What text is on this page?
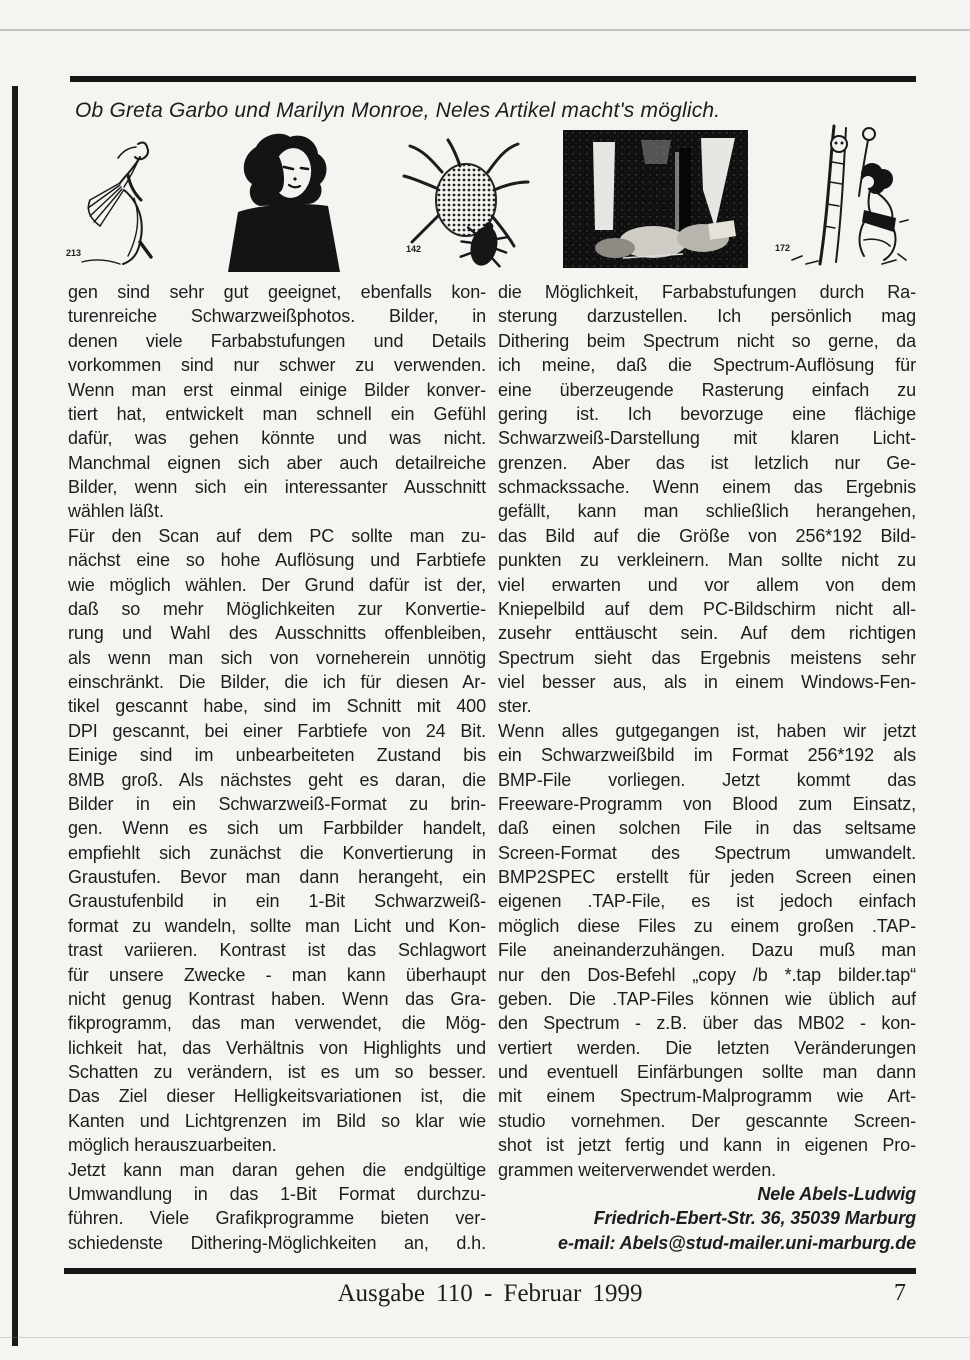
Ob Greta Garbo und Marilyn Monroe, Neles Artikel macht's möglich.
213	142	172
gen sind sehr gut geeignet, ebenfalls kon-
turenreiche Schwarzweißphotos. Bilder, in
denen viele Farbabstufungen und Details
vorkommen sind nur schwer zu verwenden.
Wenn man erst einmal einige Bilder konver-
tiert hat, entwickelt man schnell ein Gefühl
dafür, was gehen könnte und was nicht.
Manchmal eignen sich aber auch detailreiche
Bilder, wenn sich ein interessanter Ausschnitt
wählen läßt.
Für den Scan auf dem PC sollte man zu-
nächst eine so hohe Auflösung und Farbtiefe
wie möglich wählen. Der Grund dafür ist der,
daß so mehr Möglichkeiten zur Konvertie-
rung und Wahl des Ausschnitts offenbleiben,
als wenn man sich von vorneherein unnötig
einschränkt. Die Bilder, die ich für diesen Ar-
tikel gescannt habe, sind im Schnitt mit 400
DPI gescannt, bei einer Farbtiefe von 24 Bit.
Einige sind im unbearbeiteten Zustand bis
8MB groß. Als nächstes geht es daran, die
Bilder in ein Schwarzweiß-Format zu brin-
gen. Wenn es sich um Farbbilder handelt,
empfiehlt sich zunächst die Konvertierung in
Graustufen. Bevor man dann herangeht, ein
Graustufenbild in ein 1-Bit Schwarzweiß-
format zu wandeln, sollte man Licht und Kon-
trast variieren. Kontrast ist das Schlagwort
für unsere Zwecke - man kann überhaupt
nicht genug Kontrast haben. Wenn das Gra-
fikprogramm, das man verwendet, die Mög-
lichkeit hat, das Verhältnis von Highlights und
Schatten zu verändern, ist es um so besser.
Das Ziel dieser Helligkeitsvariationen ist, die
Kanten und Lichtgrenzen im Bild so klar wie
möglich herauszuarbeiten.
Jetzt kann man daran gehen die endgültige
Umwandlung in das 1-Bit Format durchzu-
führen. Viele Grafikprogramme bieten ver-
schiedenste Dithering-Möglichkeiten an, d.h.
die Möglichkeit, Farbabstufungen durch Ra-
sterung darzustellen. Ich persönlich mag
Dithering beim Spectrum nicht so gerne, da
ich meine, daß die Spectrum-Auflösung für
eine überzeugende Rasterung einfach zu
gering ist. Ich bevorzuge eine flächige
Schwarzweiß-Darstellung mit klaren Licht-
grenzen. Aber das ist letzlich nur Ge-
schmackssache. Wenn einem das Ergebnis
gefällt, kann man schließlich herangehen,
das Bild auf die Größe von 256*192 Bild-
punkten zu verkleinern. Man sollte nicht zu
viel erwarten und vor allem von dem
Kniepelbild auf dem PC-Bildschirm nicht all-
zusehr enttäuscht sein. Auf dem richtigen
Spectrum sieht das Ergebnis meistens sehr
viel besser aus, als in einem Windows-Fen-
ster.
Wenn alles gutgegangen ist, haben wir jetzt
ein Schwarzweißbild im Format 256*192 als
BMP-File vorliegen. Jetzt kommt das
Freeware-Programm von Blood zum Einsatz,
daß einen solchen File in das seltsame
Screen-Format des Spectrum umwandelt.
BMP2SPEC erstellt für jeden Screen einen
eigenen .TAP-File, es ist jedoch einfach
möglich diese Files zu einem großen .TAP-
File aneinanderzuhängen. Dazu muß man
nur den Dos-Befehl „copy /b *.tap bilder.tap“
geben. Die .TAP-Files können wie üblich auf
den Spectrum - z.B. über das MB02 - kon-
vertiert werden. Die letzten Veränderungen
und eventuell Einfärbungen sollte man dann
mit einem Spectrum-Malprogramm wie Art-
studio vornehmen. Der gescannte Screen-
shot ist jetzt fertig und kann in eigenen Pro-
grammen weiterverwendet werden.
Nele Abels-Ludwig
Friedrich-Ebert-Str. 36, 35039 Marburg
e-mail: Abels@stud-mailer.uni-marburg.de
Ausgabe 110 - Februar 1999	7
